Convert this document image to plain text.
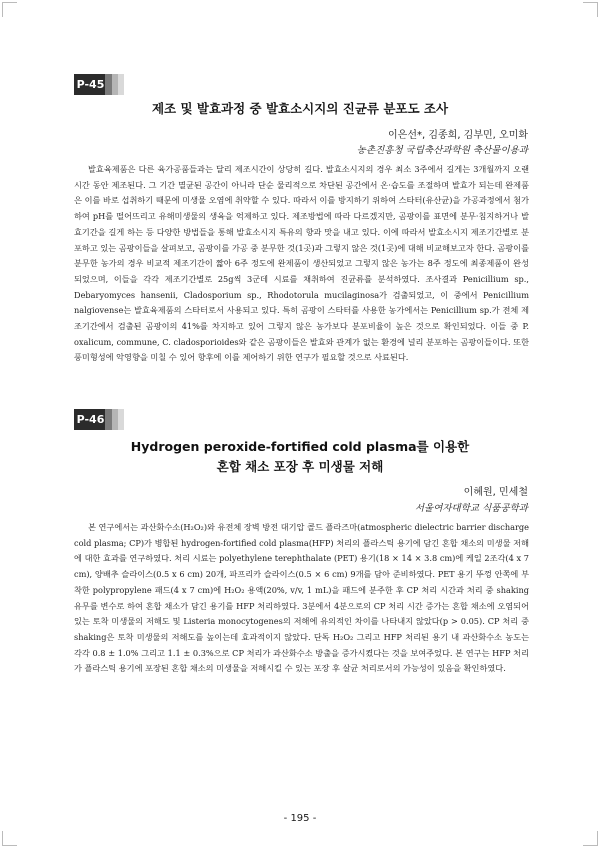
P-45
제조 및 발효과정 중 발효소시지의 진균류 분포도 조사
이은선*, 김종희, 김부민, 오미화
농촌진흥청 국립축산과학원 축산물이용과
발효육제품은 다른 육가공품들과는 달리 제조시간이 상당히 길다. 발효소시지의 경우 최소 3주에서 길게는 3개월까지 오랜시간 동안 제조된다. 그 기간 멸균된 공간이 아니라 단순 물리적으로 차단된 공간에서 온·습도를 조절하며 발효가 되는데 완제품은 이를 바로 섭취하기 때문에 미생물 오염에 취약할 수 있다. 따라서 이를 방지하기 위하여 스타터(유산균)을 가공과정에서 첨가하여 pH를 떨어뜨리고 유해미생물의 생육을 억제하고 있다. 제조방법에 따라 다르겠지만, 곰팡이를 표면에 분무·침지하거나 발효기간을 길게 하는 등 다양한 방법들을 통해 발효소시지 특유의 향과 맛을 내고 있다. 이에 따라서 발효소시지 제조기간별로 분포하고 있는 곰팡이들을 살펴보고, 곰팡이를 가공 중 분무한 것(1곳)과 그렇지 않은 것(1곳)에 대해 비교해보고자 한다. 곰팡이를 분무한 농가의 경우 비교적 제조기간이 짧아 6주 정도에 완제품이 생산되었고 그렇지 않은 농가는 8주 정도에 최종제품이 완성되었으며, 이들을 각각 제조기간별로 25g씩 3군데 시료를 채취하여 진균류를 분석하였다. 조사결과 Penicillium sp., Debaryomyces hansenii, Cladosporium sp., Rhodotorula mucilaginosa가 검출되었고, 이 중에서 Penicillium nalgiovense는 발효육제품의 스타터로서 사용되고 있다. 특히 곰팡이 스타터를 사용한 농가에서는 Penicillium sp.가 전체 제조기간에서 검출된 곰팡이의 41%를 차지하고 있어 그렇지 않은 농가보다 분포비율이 높은 것으로 확인되었다. 이들 중 P. oxalicum, commune, C. cladosporioides와 같은 곰팡이들은 발효와 관계가 없는 환경에 널리 분포하는 곰팡이들이다. 또한 풍미형성에 악영향을 미칠 수 있어 향후에 이를 제어하기 위한 연구가 필요할 것으로 사료된다.
P-46
Hydrogen peroxide-fortified cold plasma를 이용한
혼합 채소 포장 후 미생물 저해
이혜원, 민세철
서울여자대학교 식품공학과
본 연구에서는 과산화수소(H₂O₂)와 유전체 장벽 방전 대기압 콜드 플라즈마(atmospheric dielectric barrier discharge cold plasma; CP)가 병합된 hydrogen-fortified cold plasma(HFP) 처리의 플라스틱 용기에 담긴 혼합 채소의 미생물 저해에 대한 효과를 연구하였다. 처리 시료는 polyethylene terephthalate (PET) 용기(18 × 14 × 3.8 cm)에 케일 2조각(4 x 7 cm), 양배추 슬라이스(0.5 x 6 cm) 20개, 파프리카 슬라이스(0.5 × 6 cm) 9개를 담아 준비하였다. PET 용기 뚜껑 안쪽에 부착한 polypropylene 패드(4 x 7 cm)에 H₂O₂ 용액(20%, v/v, 1 mL)을 패드에 분주한 후 CP 처리 시간과 처리 중 shaking 유무를 변수로 하여 혼합 채소가 담긴 용기를 HFP 처리하였다. 3분에서 4분으로의 CP 처리 시간 증가는 혼합 채소에 오염되어 있는 토착 미생물의 저해도 및 Listeria monocytogenes의 저해에 유의적인 차이를 나타내지 않았다(p > 0.05). CP 처리 중 shaking은 토착 미생물의 저해도를 높이는데 효과적이지 않았다. 단독 H₂O₂ 그리고 HFP 처리된 용기 내 과산화수소 농도는 각각 0.8 ± 1.0% 그리고 1.1 ± 0.3%으로 CP 처리가 과산화수소 방출을 증가시켰다는 것을 보여주었다. 본 연구는 HFP 처리가 플라스틱 용기에 포장된 혼합 채소의 미생물을 저해시킬 수 있는 포장 후 살균 처리로서의 가능성이 있음을 확인하였다.
- 195 -
